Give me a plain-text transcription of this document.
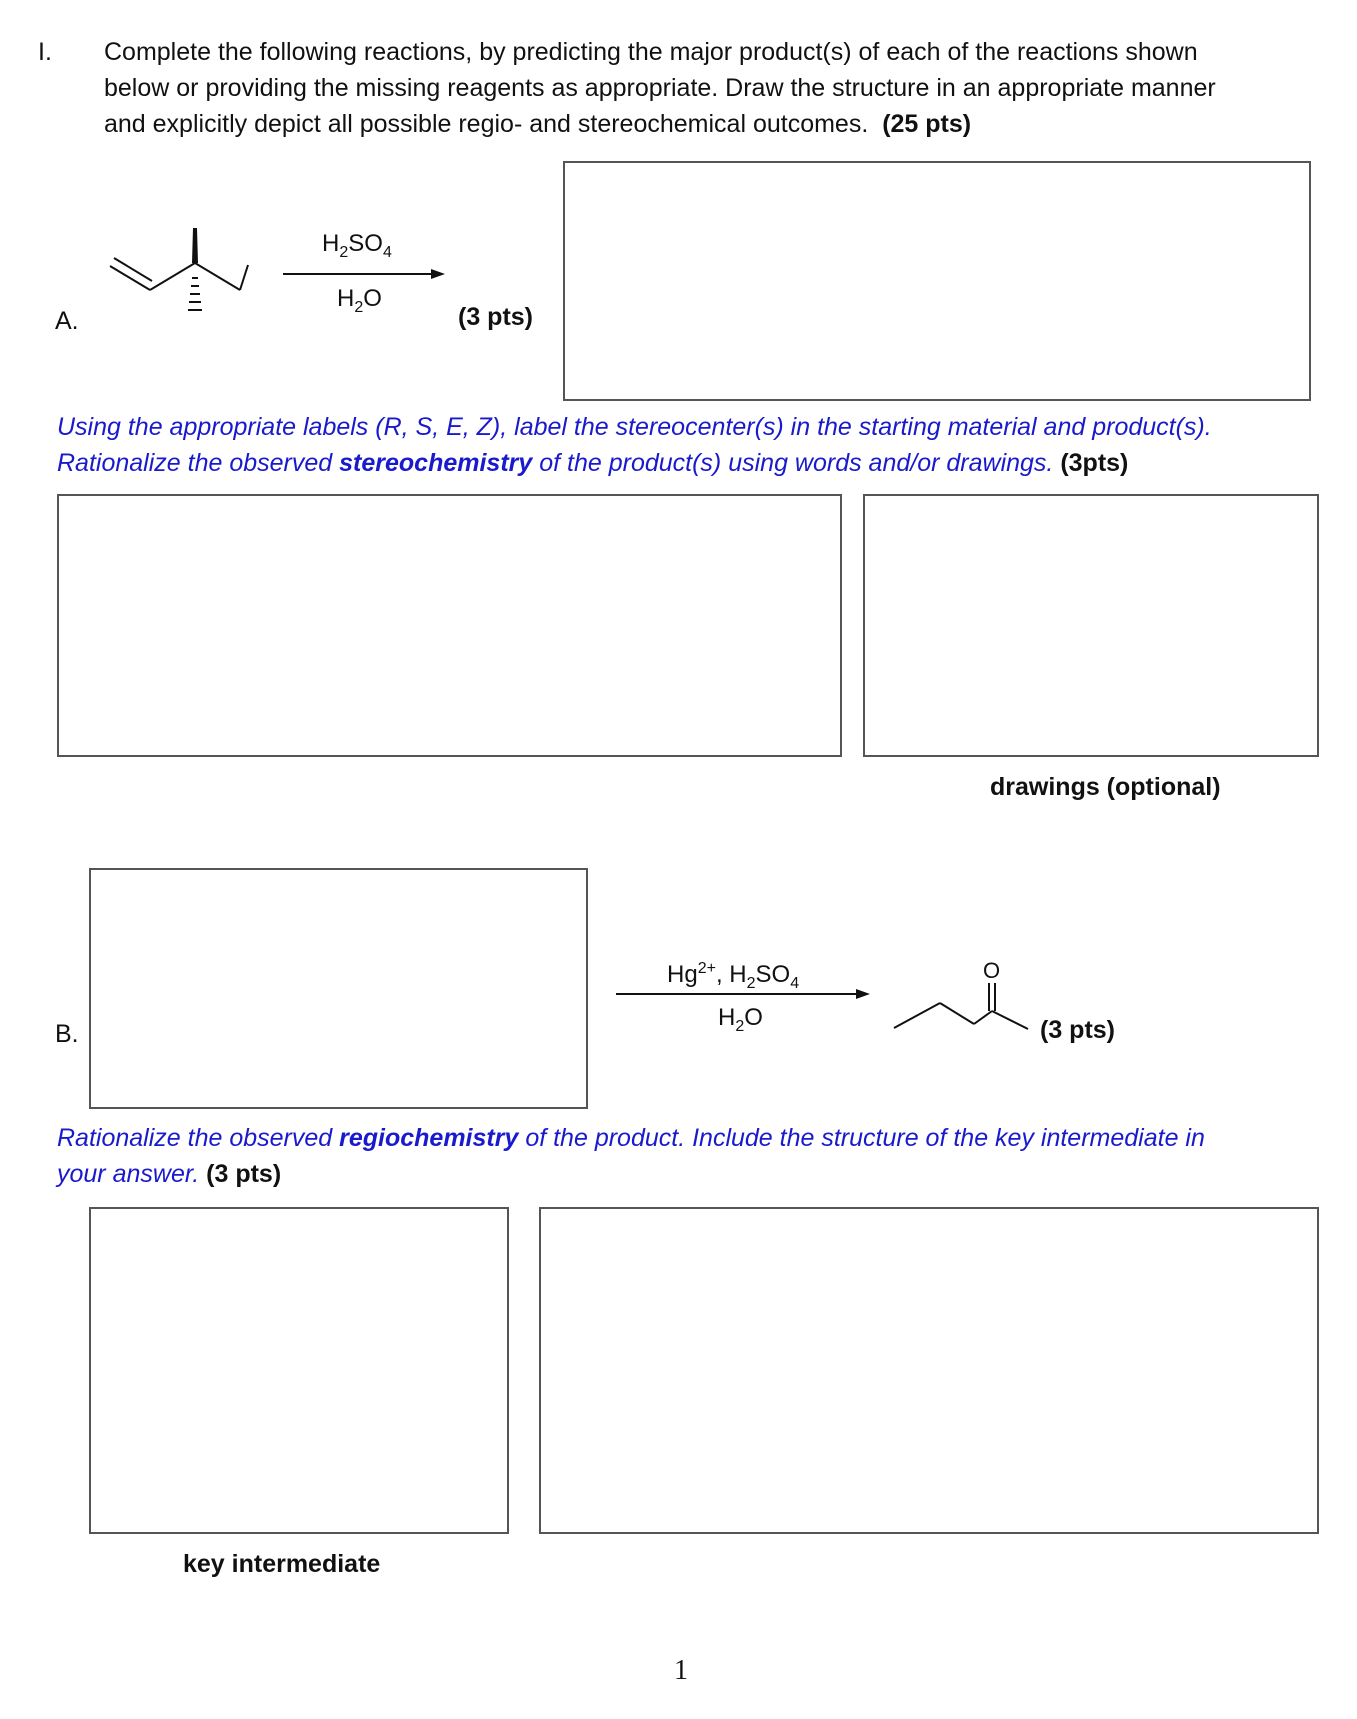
I. Complete the following reactions, by predicting the major product(s) of each of the reactions shown
below or providing the missing reagents as appropriate. Draw the structure in an appropriate manner
and explicitly depict all possible regio- and stereochemical outcomes. (25 pts)
A.
$H_2SO_4$
$H_2O$
(3 pts)
Using the appropriate labels (R, S, E, Z), label the stereocenter(s) in the starting material and product(s).
Rationalize the observed stereochemistry of the product(s) using words and/or drawings. (3pts)
drawings (optional)
B.
$Hg^{2+}$, $H_2SO_4$
$H_2O$
O
(3 pts)
Rationalize the observed regiochemistry of the product. Include the structure of the key intermediate in
your answer. (3 pts)
key intermediate
1
